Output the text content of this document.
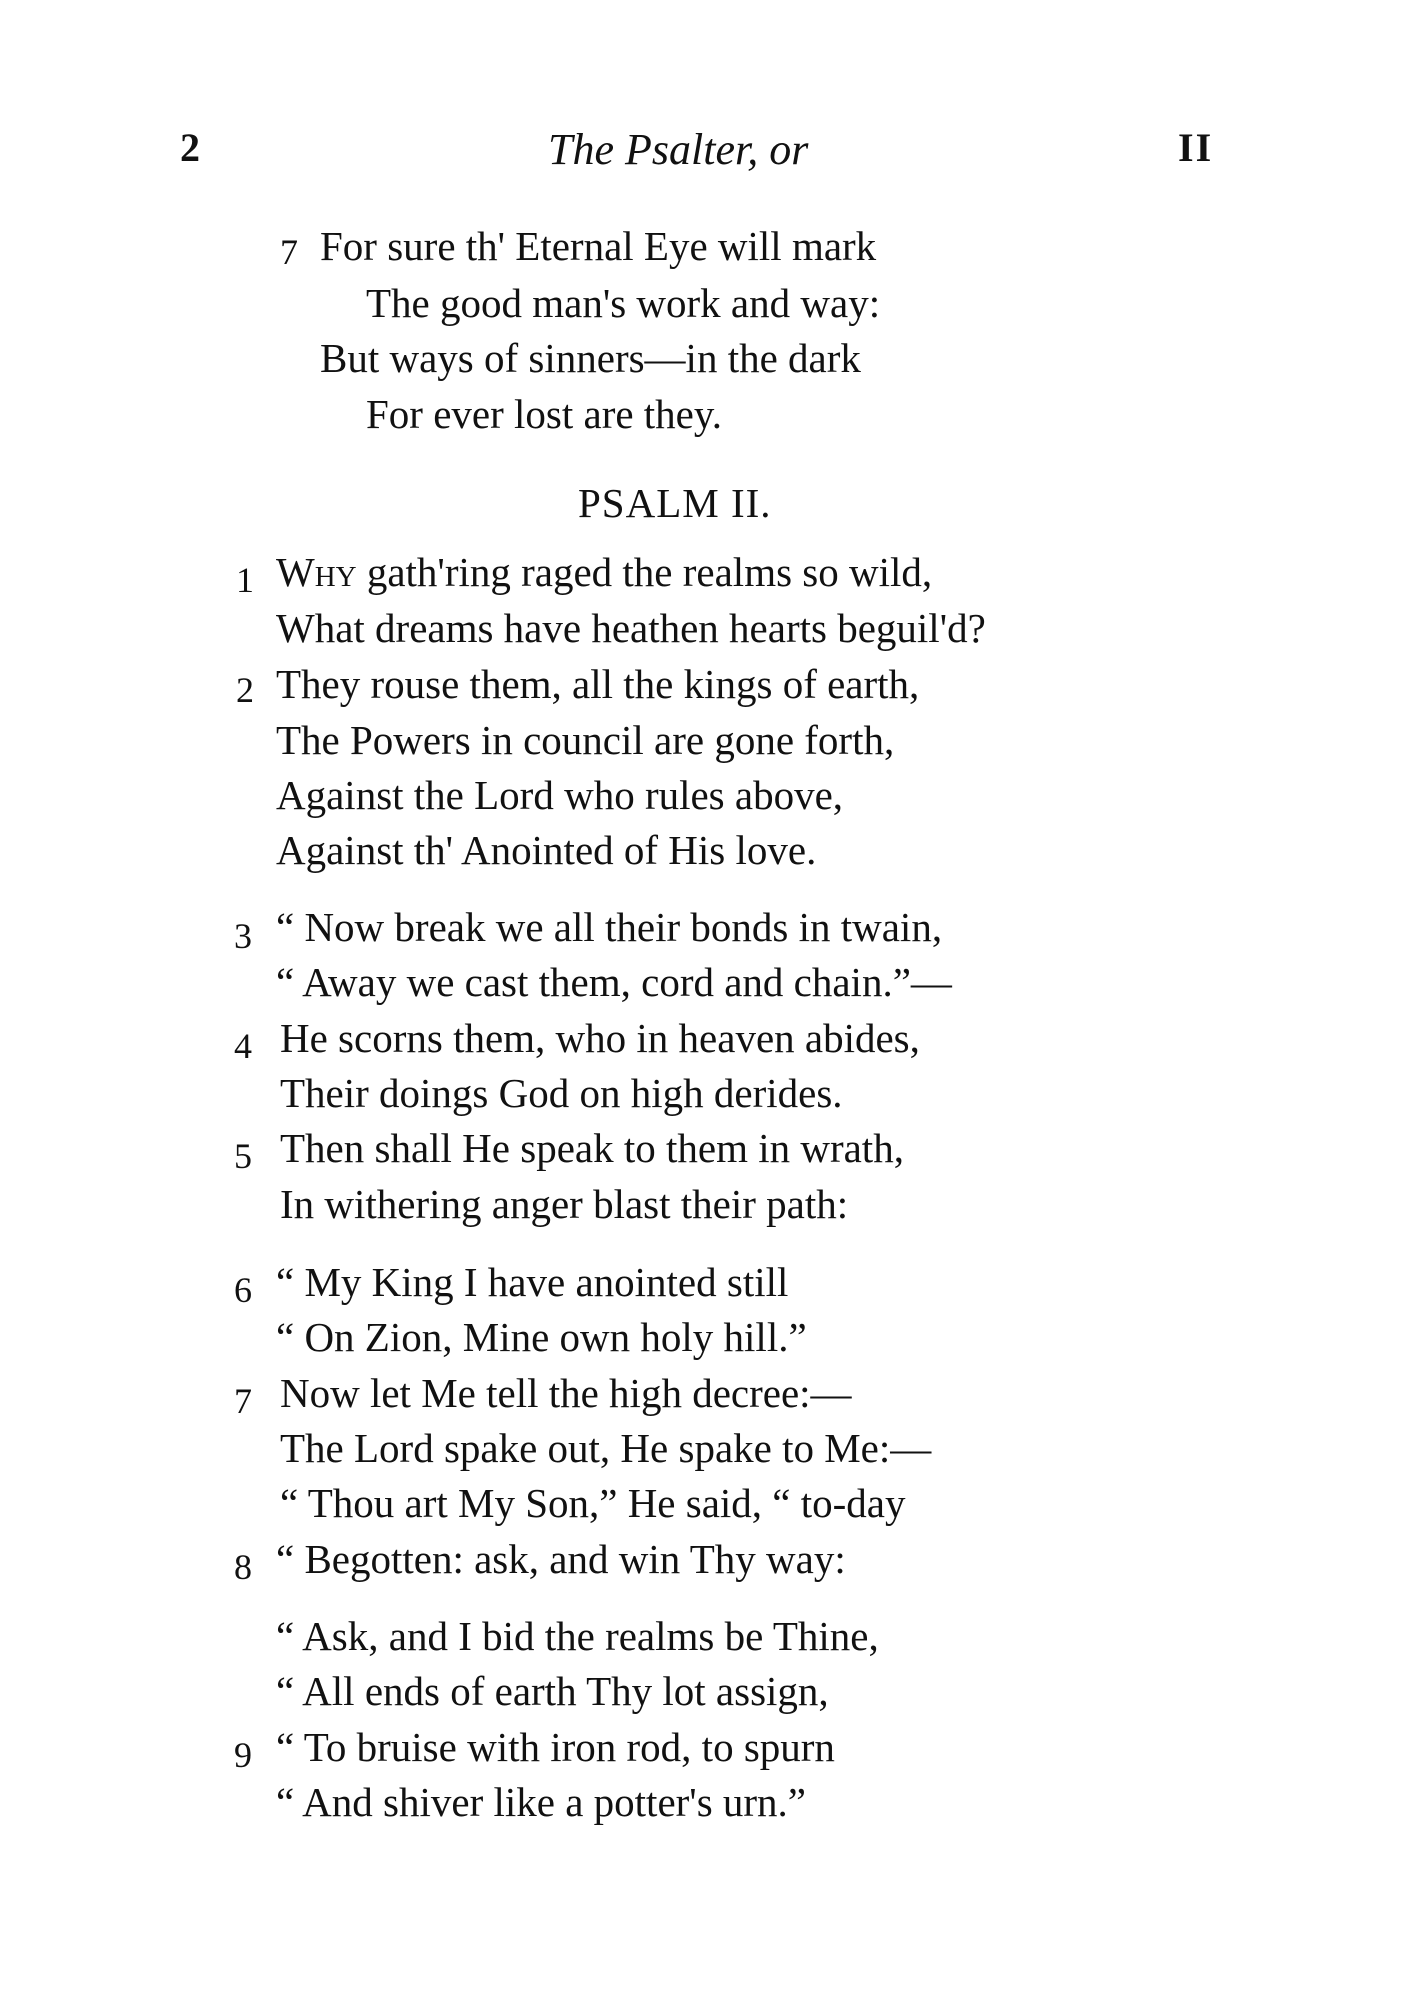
2	The Psalter, or	II
7 For sure th' Eternal Eye will mark
The good man's work and way:
But ways of sinners—in the dark
For ever lost are they.
PSALM II.
1 Why gath'ring raged the realms so wild,
What dreams have heathen hearts beguil'd?
2 They rouse them, all the kings of earth,
The Powers in council are gone forth,
Against the Lord who rules above,
Against th' Anointed of His love.
3 “ Now break we all their bonds in twain,
“ Away we cast them, cord and chain.”—
4 He scorns them, who in heaven abides,
Their doings God on high derides.
5 Then shall He speak to them in wrath,
In withering anger blast their path:
6 “ My King I have anointed still
“ On Zion, Mine own holy hill.”
7 Now let Me tell the high decree:—
The Lord spake out, He spake to Me:—
“ Thou art My Son,” He said, “ to-day
8 “ Begotten: ask, and win Thy way:
“ Ask, and I bid the realms be Thine,
“ All ends of earth Thy lot assign,
9 “ To bruise with iron rod, to spurn
“ And shiver like a potter's urn.”
